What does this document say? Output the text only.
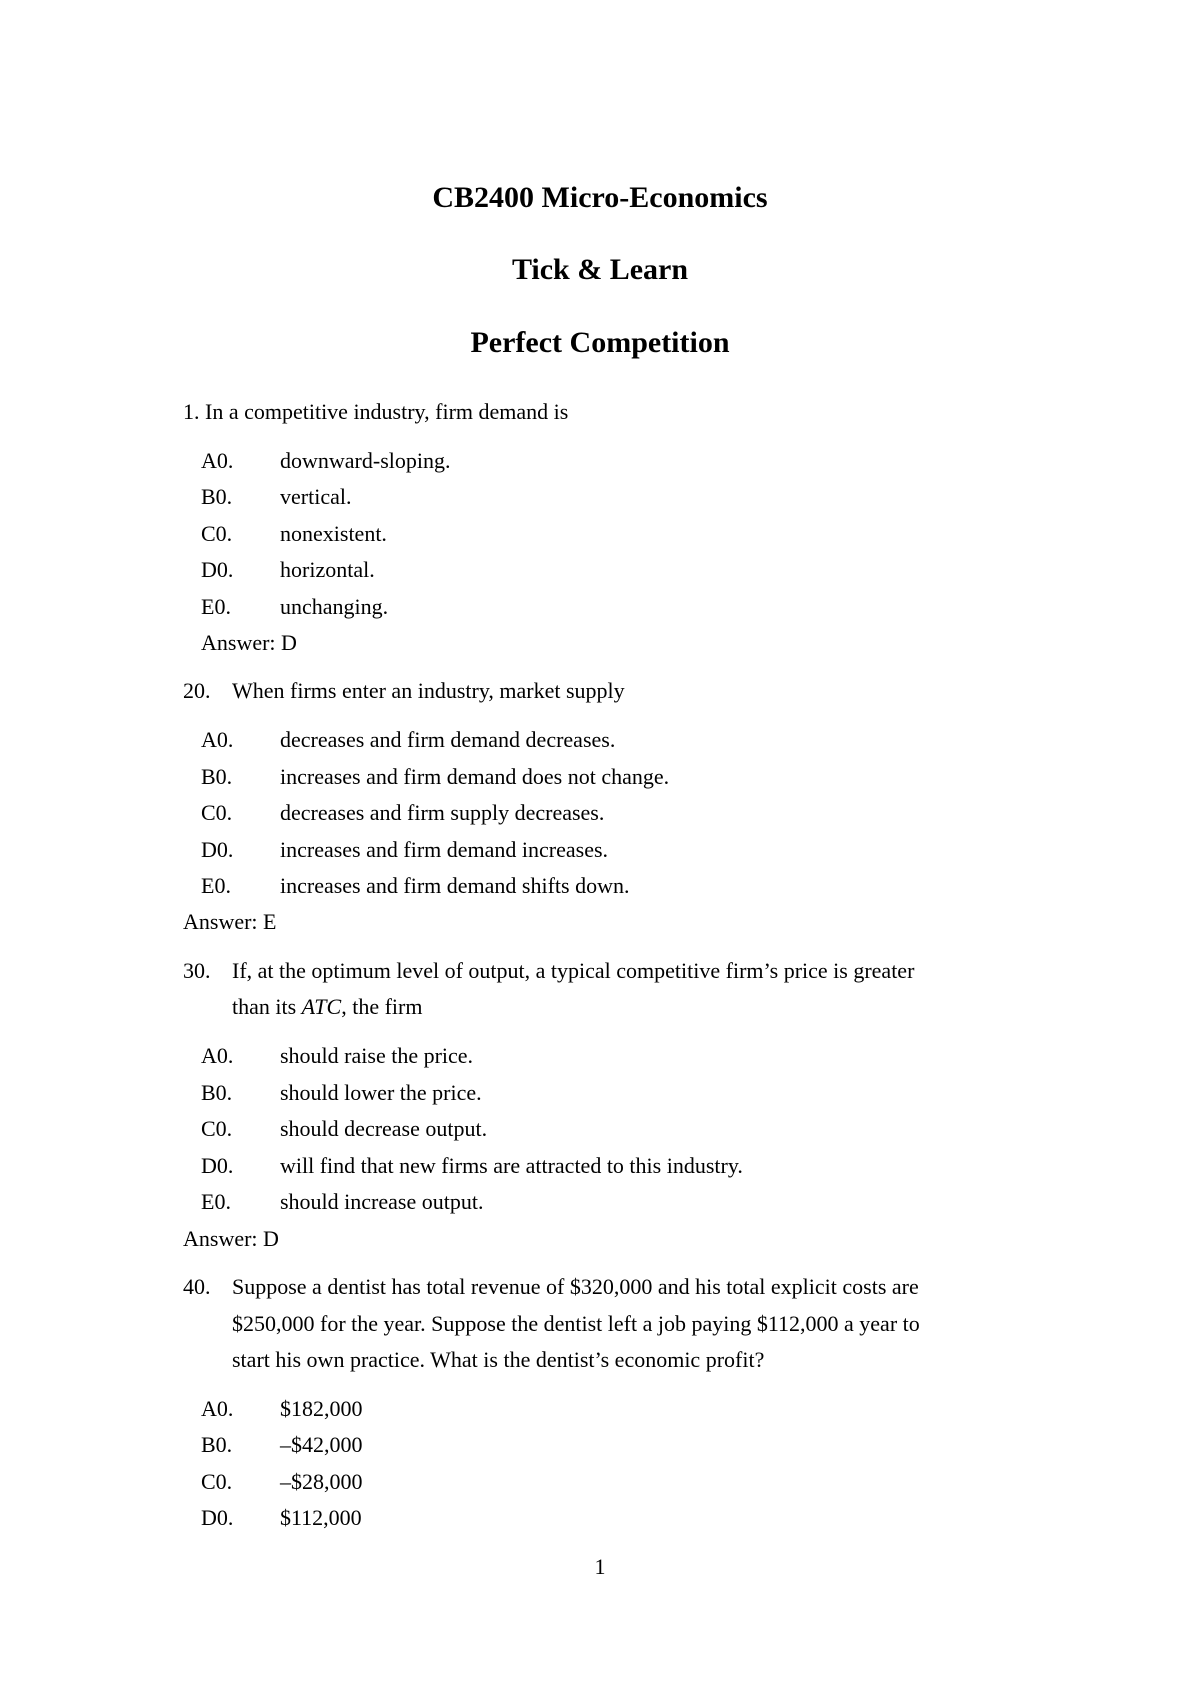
CB2400 Micro-Economics
Tick & Learn
Perfect Competition
1. In a competitive industry, firm demand is
A0. downward-sloping.
B0. vertical.
C0. nonexistent.
D0. horizontal.
E0. unchanging.
Answer: D
20. When firms enter an industry, market supply
A0. decreases and firm demand decreases.
B0. increases and firm demand does not change.
C0. decreases and firm supply decreases.
D0. increases and firm demand increases.
E0. increases and firm demand shifts down.
Answer: E
30. If, at the optimum level of output, a typical competitive firm’s price is greater
than its ATC, the firm
A0. should raise the price.
B0. should lower the price.
C0. should decrease output.
D0. will find that new firms are attracted to this industry.
E0. should increase output.
Answer: D
40. Suppose a dentist has total revenue of $320,000 and his total explicit costs are
$250,000 for the year. Suppose the dentist left a job paying $112,000 a year to
start his own practice. What is the dentist’s economic profit?
A0. $182,000
B0. –$42,000
C0. –$28,000
D0. $112,000
1
